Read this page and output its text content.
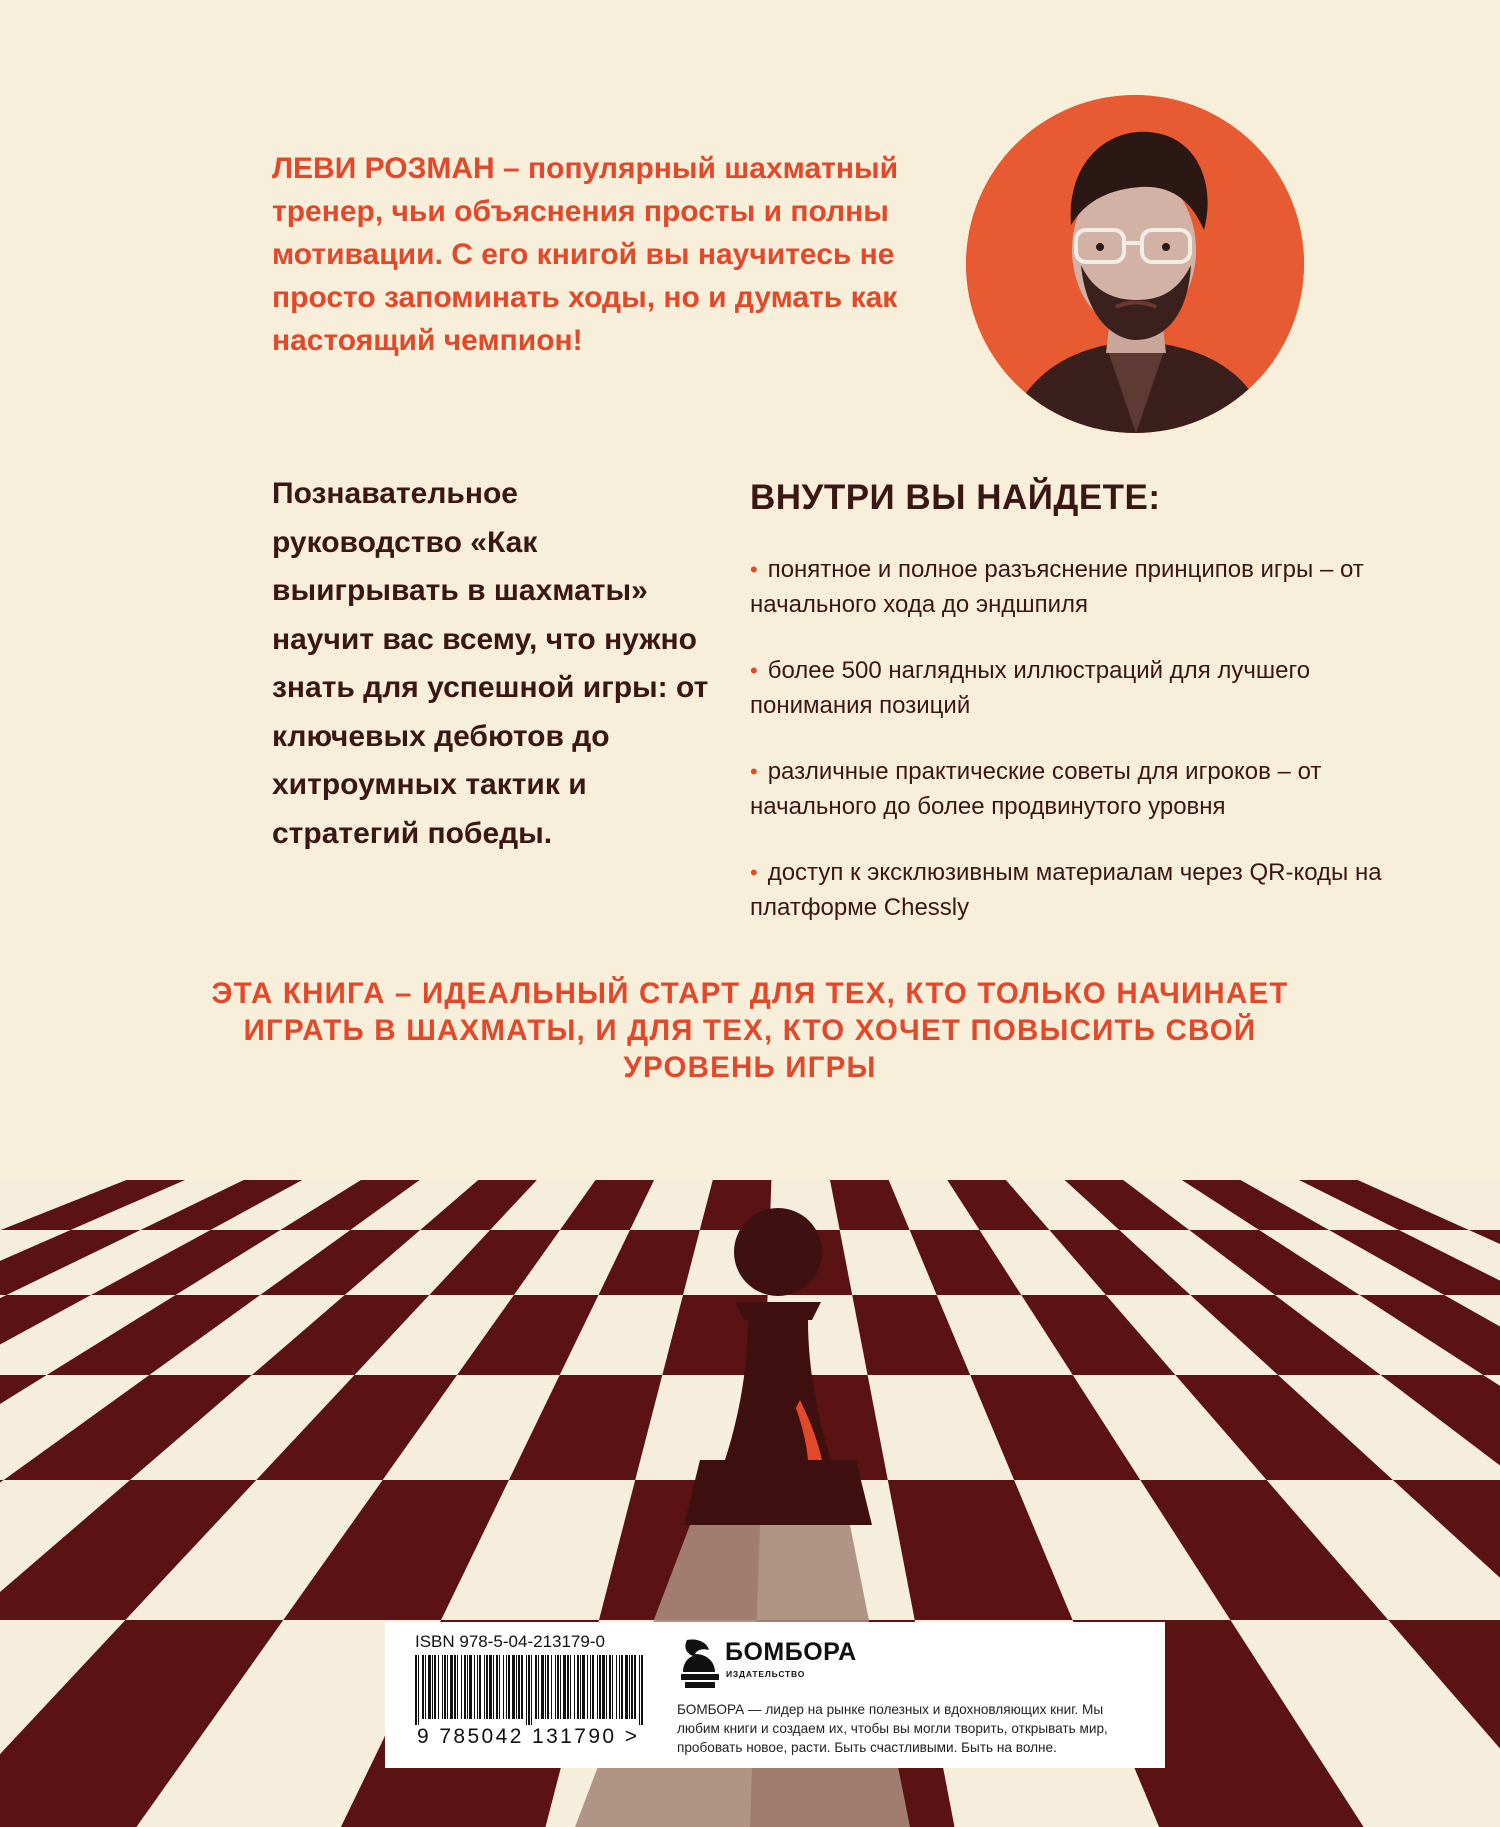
ЛЕВИ РОЗМАН – популярный шахматный тренер, чьи объяснения просты и полны мотивации. С его книгой вы научитесь не просто запоминать ходы, но и думать как настоящий чемпион!

Познавательное руководство «Как выигрывать в шахматы» научит вас всему, что нужно знать для успешной игры: от ключевых дебютов до хитроумных тактик и стратегий победы.

ВНУТРИ ВЫ НАЙДЕТЕ:
• понятное и полное разъяснение принципов игры – от начального хода до эндшпиля
• более 500 наглядных иллюстраций для лучшего понимания позиций
• различные практические советы для игроков – от начального до более продвинутого уровня
• доступ к эксклюзивным материалам через QR-коды на платформе Chessly

ЭТА КНИГА – ИДЕАЛЬНЫЙ СТАРТ ДЛЯ ТЕХ, КТО ТОЛЬКО НАЧИНАЕТ ИГРАТЬ В ШАХМАТЫ, И ДЛЯ ТЕХ, КТО ХОЧЕТ ПОВЫСИТЬ СВОЙ УРОВЕНЬ ИГРЫ

ISBN 978-5-04-213179-0
9 785042 131790 >
БОМБОРА
ИЗДАТЕЛЬСТВО
БОМБОРА — лидер на рынке полезных и вдохновляющих книг. Мы любим книги и создаем их, чтобы вы могли творить, открывать мир, пробовать новое, расти. Быть счастливыми. Быть на волне.
